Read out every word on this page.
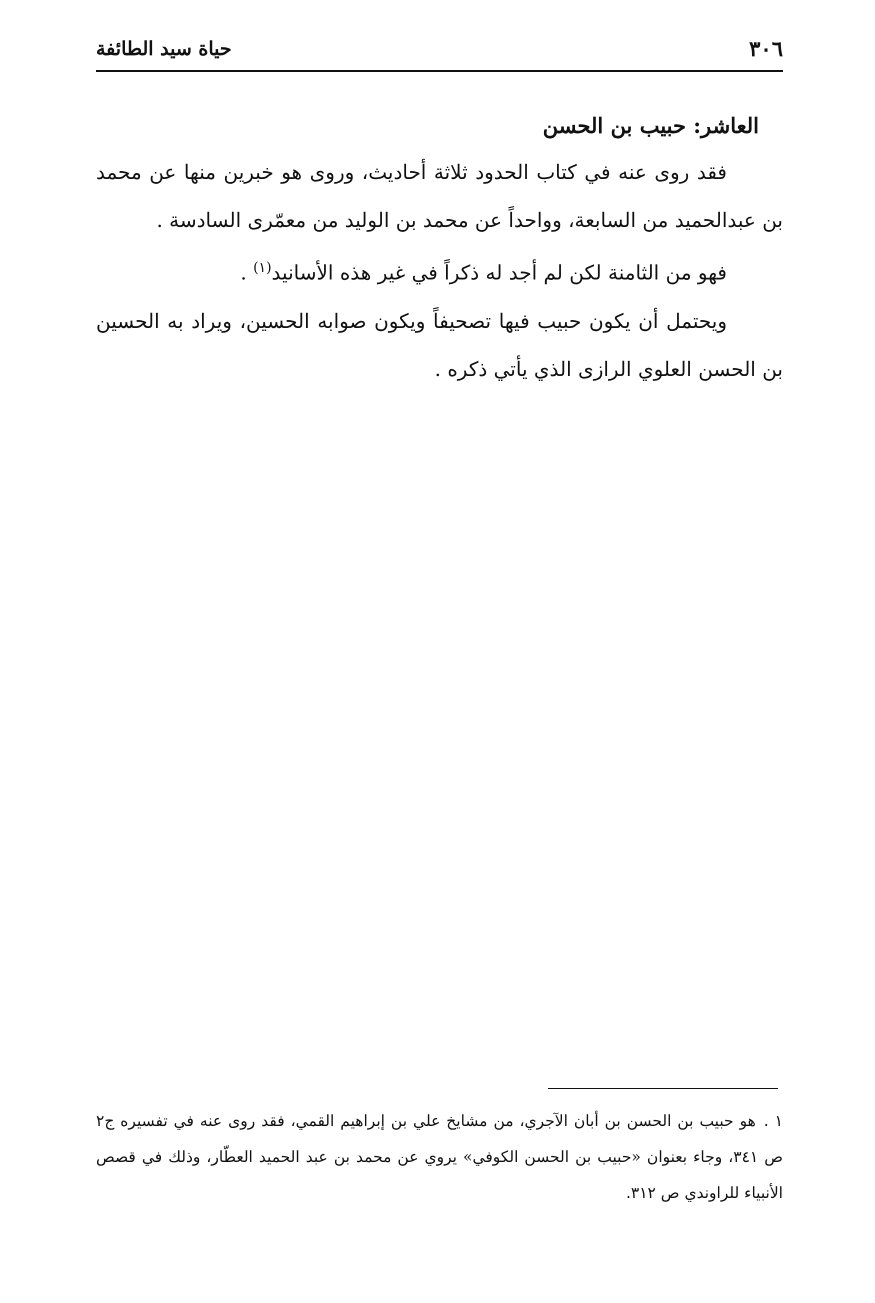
٣٠٦
حياة سيد الطائفة

العاشر: حبيب بن الحسن

فقد روى عنه في كتاب الحدود ثلاثة أحاديث، وروى هو خبرين منها عن محمد بن عبدالحميد من السابعة، وواحداً عن محمد بن الوليد من معمّرى السادسة .

فهو من الثامنة لكن لم أجد له ذكراً في غير هذه الأسانيد$^{(١)}$ .

ويحتمل أن يكون حبيب فيها تصحيفاً ويكون صوابه الحسين، ويراد به الحسين بن الحسن العلوي الرازى الذي يأتي ذكره .

١ .هو حبيب بن الحسن بن أبان الآجري، من مشايخ علي بن إبراهيم القمي، فقد روى عنه في تفسيره ج٢ ص ٣٤١، وجاء بعنوان «حبيب بن الحسن الكوفي» يروي عن محمد بن عبد الحميد العطّار، وذلك في قصص الأنبياء للراوندي ص ٣١٢.
